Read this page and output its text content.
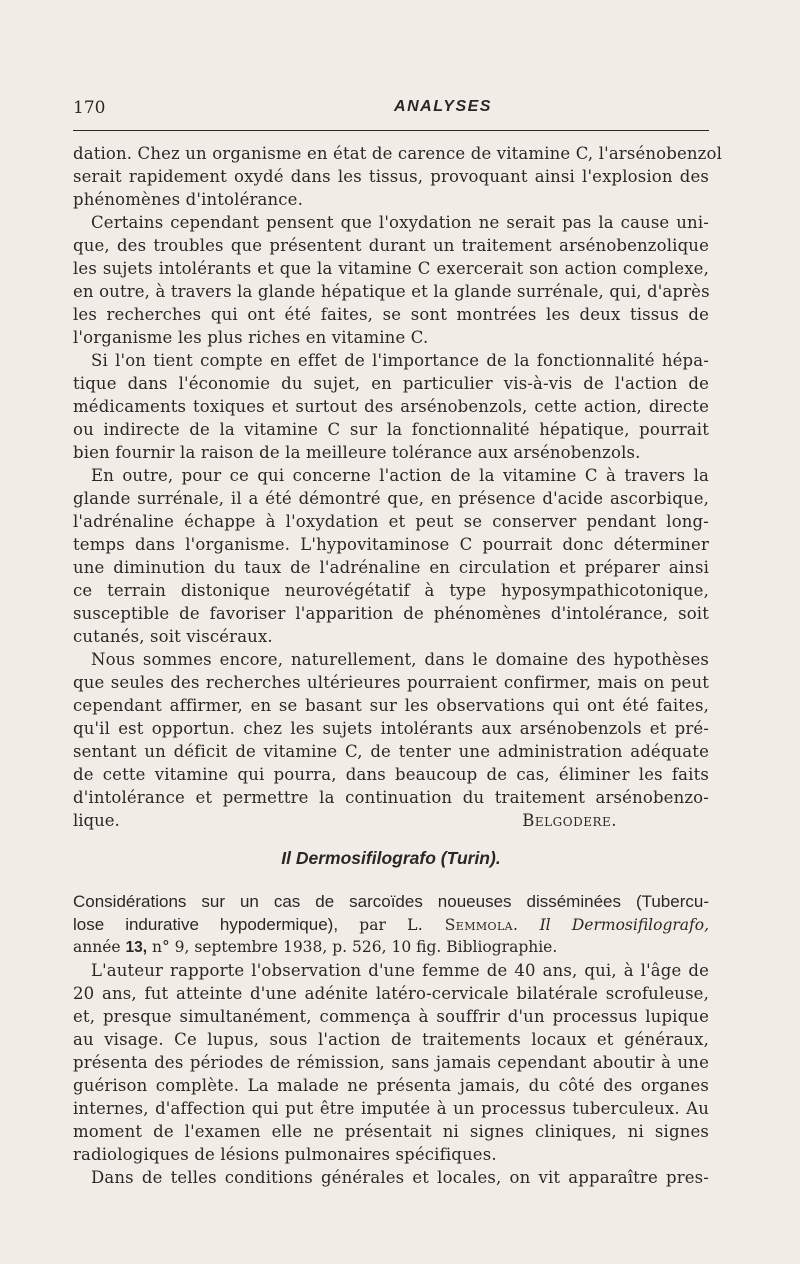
170	ANALYSES
dation. Chez un organisme en état de carence de vitamine C, l'arsénobenzol
serait rapidement oxydé dans les tissus, provoquant ainsi l'explosion des
phénomènes d'intolérance.
Certains cependant pensent que l'oxydation ne serait pas la cause uni-
que, des troubles que présentent durant un traitement arsénobenzolique
les sujets intolérants et que la vitamine C exercerait son action complexe,
en outre, à travers la glande hépatique et la glande surrénale, qui, d'après
les recherches qui ont été faites, se sont montrées les deux tissus de
l'organisme les plus riches en vitamine C.
Si l'on tient compte en effet de l'importance de la fonctionnalité hépa-
tique dans l'économie du sujet, en particulier vis-à-vis de l'action de
médicaments toxiques et surtout des arsénobenzols, cette action, directe
ou indirecte de la vitamine C sur la fonctionnalité hépatique, pourrait
bien fournir la raison de la meilleure tolérance aux arsénobenzols.
En outre, pour ce qui concerne l'action de la vitamine C à travers la
glande surrénale, il a été démontré que, en présence d'acide ascorbique,
l'adrénaline échappe à l'oxydation et peut se conserver pendant long-
temps dans l'organisme. L'hypovitaminose C pourrait donc déterminer
une diminution du taux de l'adrénaline en circulation et préparer ainsi
ce terrain distonique neurovégétatif à type hyposympathicotonique,
susceptible de favoriser l'apparition de phénomènes d'intolérance, soit
cutanés, soit viscéraux.
Nous sommes encore, naturellement, dans le domaine des hypothèses
que seules des recherches ultérieures pourraient confirmer, mais on peut
cependant affirmer, en se basant sur les observations qui ont été faites,
qu'il est opportun. chez les sujets intolérants aux arsénobenzols et pré-
sentant un déficit de vitamine C, de tenter une administration adéquate
de cette vitamine qui pourra, dans beaucoup de cas, éliminer les faits
d'intolérance et permettre la continuation du traitement arsénobenzo-
lique.	Belgodere.
Il Dermosifilografo (Turin).
Considérations sur un cas de sarcoïdes noueuses disséminées (Tubercu-
lose indurative hypodermique), par L. Semmola. Il Dermosifilografo,
année 13, n° 9, septembre 1938, p. 526, 10 fig. Bibliographie.
L'auteur rapporte l'observation d'une femme de 40 ans, qui, à l'âge de
20 ans, fut atteinte d'une adénite latéro-cervicale bilatérale scrofuleuse,
et, presque simultanément, commença à souffrir d'un processus lupique
au visage. Ce lupus, sous l'action de traitements locaux et généraux,
présenta des périodes de rémission, sans jamais cependant aboutir à une
guérison complète. La malade ne présenta jamais, du côté des organes
internes, d'affection qui put être imputée à un processus tuberculeux. Au
moment de l'examen elle ne présentait ni signes cliniques, ni signes
radiologiques de lésions pulmonaires spécifiques.
Dans de telles conditions générales et locales, on vit apparaître pres-
